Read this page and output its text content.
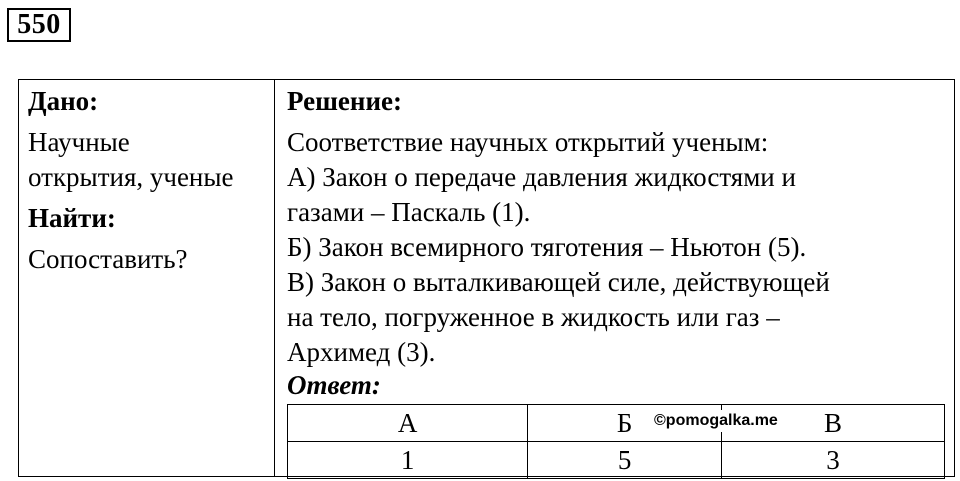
550
Дано:
Научные
открытия, ученые
Найти:
Сопоставить?
Решение:
Соответствие научных открытий ученым:
А) Закон о передаче давления жидкостями и
газами – Паскаль (1).
Б) Закон всемирного тяготения – Ньютон (5).
В) Закон о выталкивающей силе, действующей
на тело, погруженное в жидкость или газ –
Архимед (3).
Ответ:
А	Б	В
1	5	3
©pomogalka.me
